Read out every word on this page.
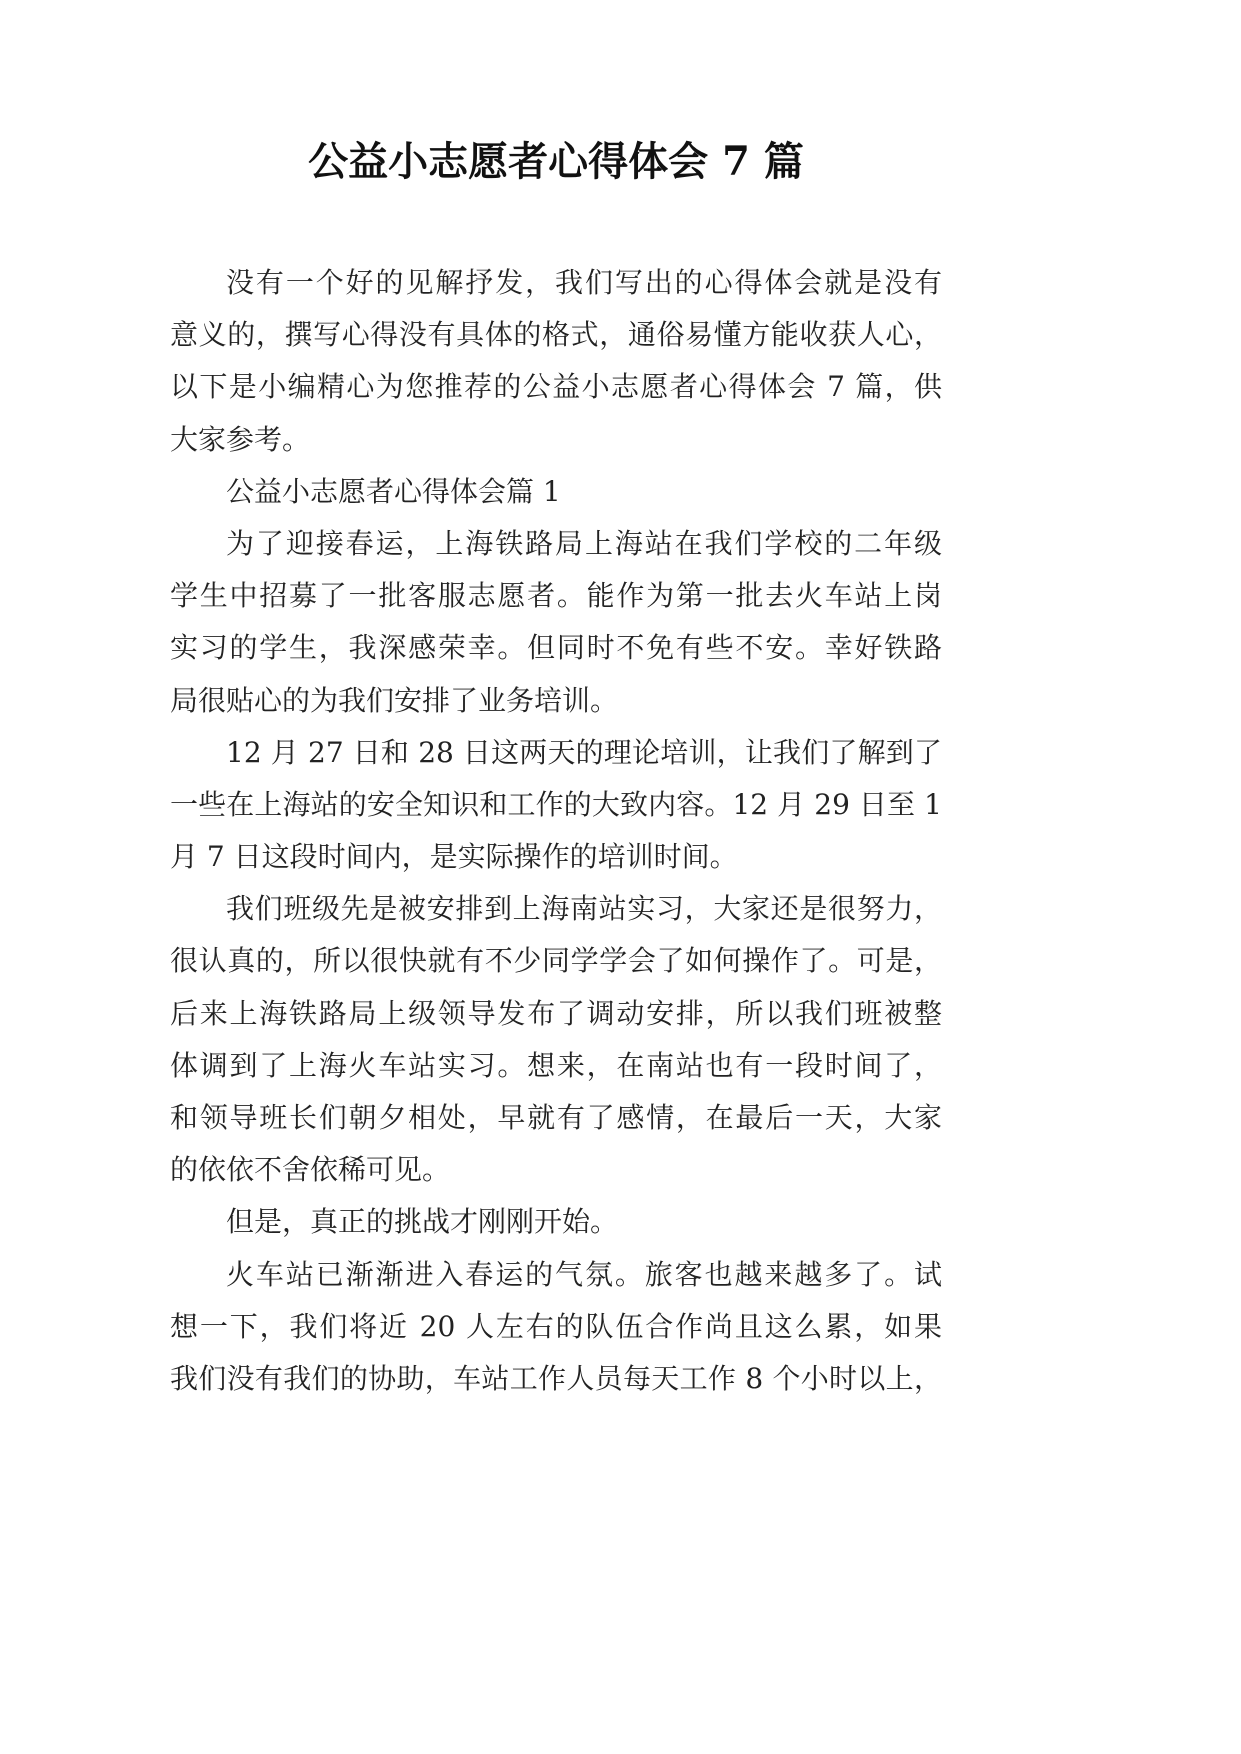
公益小志愿者心得体会 7 篇
没有一个好的见解抒发，我们写出的心得体会就是没有
意义的，撰写心得没有具体的格式，通俗易懂方能收获人心，
以下是小编精心为您推荐的公益小志愿者心得体会 7 篇，供
大家参考。
公益小志愿者心得体会篇 1
为了迎接春运，上海铁路局上海站在我们学校的二年级
学生中招募了一批客服志愿者。能作为第一批去火车站上岗
实习的学生，我深感荣幸。但同时不免有些不安。幸好铁路
局很贴心的为我们安排了业务培训。
12 月 27 日和 28 日这两天的理论培训，让我们了解到了
一些在上海站的安全知识和工作的大致内容。12 月 29 日至 1
月 7 日这段时间内，是实际操作的培训时间。
我们班级先是被安排到上海南站实习，大家还是很努力，
很认真的，所以很快就有不少同学学会了如何操作了。可是，
后来上海铁路局上级领导发布了调动安排，所以我们班被整
体调到了上海火车站实习。想来，在南站也有一段时间了，
和领导班长们朝夕相处，早就有了感情，在最后一天，大家
的依依不舍依稀可见。
但是，真正的挑战才刚刚开始。
火车站已渐渐进入春运的气氛。旅客也越来越多了。试
想一下，我们将近 20 人左右的队伍合作尚且这么累，如果
我们没有我们的协助，车站工作人员每天工作 8 个小时以上，
